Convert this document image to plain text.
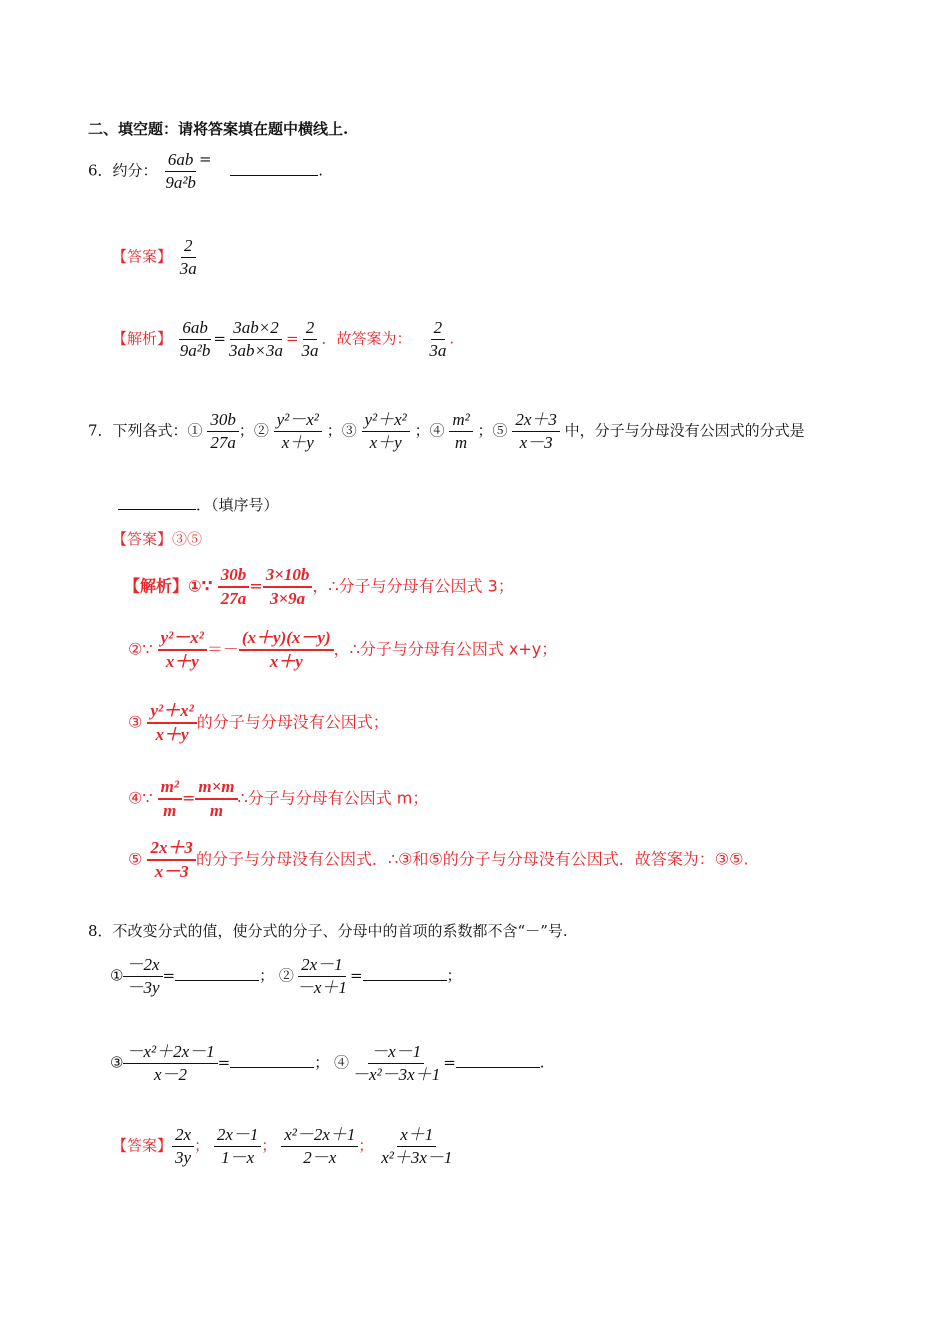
二、填空题：请将答案填在题中横线上.
6．约分： $\frac{6ab}{\text{9a²b}}$ = .
【答案】 $\frac{2}{3a}$
【解析】 $\frac{6ab}{\text{9a²b}} = \frac{3ab\times 2}{3ab\times 3a} = \frac{2}{3a}$ ．故答案为： $\frac{2}{3a}$ .
7．下列各式：① $\frac{30b}{27a}$ ；② $\frac{\text{y²－x²}}{x+y}$ ；③ $\frac{\text{y²＋x²}}{x+y}$ ；④ $\frac{\text{m²}}{m}$ ；⑤ $\frac{2x+3}{x-3}$ 中，分子与分母没有公因式的分式是
．（填序号）
【答案】③⑤
【解析】①∵ $\frac{30b}{27a} = \frac{3\times 10b}{3\times 9a}$ ，∴分子与分母有公因式 3；
②∵ $\frac{\text{y²－x²}}{x+y} =- \frac{(x+y)(x-y)}{x+y}$ ，∴分子与分母有公因式 x+y；
③ $\frac{\text{y²＋x²}}{x+y}$ 的分子与分母没有公因式；
④∵ $\frac{\text{m²}}{m} = \frac{m\times m}{m}$ ∴分子与分母有公因式 m；
⑤ $\frac{2x+3}{x-3}$ 的分子与分母没有公因式．∴③和⑤的分子与分母没有公因式．故答案为：③⑤.
8．不改变分式的值，使分式的分子、分母中的首项的系数都不含“－”号.
① $\frac{-2x}{-3y}$ =	； ② $\frac{2x-1}{-x+1}$ =	；
③ $\frac{\text{－x²＋2x－1}}{x-2}$ =	； ④ $\frac{-x-1}{\text{－x²－3x＋1}}$ =	.
【答案】 $\frac{2x}{3y}$ ； $\frac{2x-1}{1-x}$ ； $\frac{\text{x²－2x＋1}}{2-x}$ ； $\frac{x+1}{\text{x²＋3x－1}}$
